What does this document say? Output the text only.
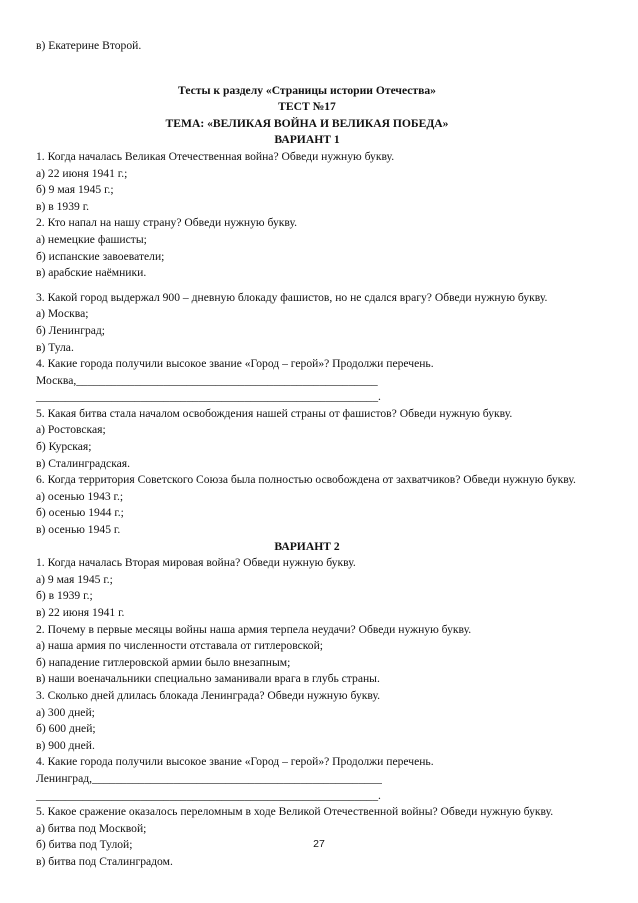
в) Екатерине Второй.
Тесты к разделу «Страницы истории Отечества»
ТЕСТ №17
ТЕМА: «ВЕЛИКАЯ ВОЙНА И ВЕЛИКАЯ ПОБЕДА»
ВАРИАНТ 1
1. Когда началась Великая Отечественная война? Обведи нужную букву.
а) 22 июня 1941 г.;
б) 9 мая 1945 г.;
в) в 1939 г.
2. Кто напал на нашу страну? Обведи нужную букву.
а) немецкие фашисты;
б) испанские завоеватели;
в) арабские наёмники.
3. Какой город выдержал 900 – дневную блокаду фашистов, но не сдался врагу? Обведи нужную букву.
а) Москва;
б) Ленинград;
в) Тула.
4. Какие города получили высокое звание «Город – герой»? Продолжи перечень.
Москва,____________________________________________________
___________________________________________________________.
5. Какая битва стала началом освобождения нашей страны от фашистов? Обведи нужную букву.
а) Ростовская;
б) Курская;
в) Сталинградская.
6. Когда территория Советского Союза была полностью освобождена от захватчиков? Обведи нужную букву.
а) осенью 1943 г.;
б) осенью 1944 г.;
в) осенью 1945 г.
ВАРИАНТ 2
1. Когда началась Вторая мировая война? Обведи нужную букву.
а) 9 мая 1945 г.;
б) в 1939 г.;
в) 22 июня 1941 г.
2. Почему в первые месяцы войны наша армия терпела неудачи? Обведи нужную букву.
а) наша армия по численности отставала от гитлеровской;
б) нападение гитлеровской армии было внезапным;
в) наши военачальники специально заманивали врага в глубь страны.
3. Сколько дней длилась блокада Ленинграда? Обведи нужную букву.
а) 300 дней;
б) 600 дней;
в) 900 дней.
4. Какие города получили высокое звание «Город – герой»? Продолжи перечень.
Ленинград,__________________________________________________
___________________________________________________________.
5. Какое сражение оказалось переломным в ходе Великой Отечественной войны? Обведи нужную букву.
а) битва под Москвой;
б) битва под Тулой;
в) битва под Сталинградом.
27
